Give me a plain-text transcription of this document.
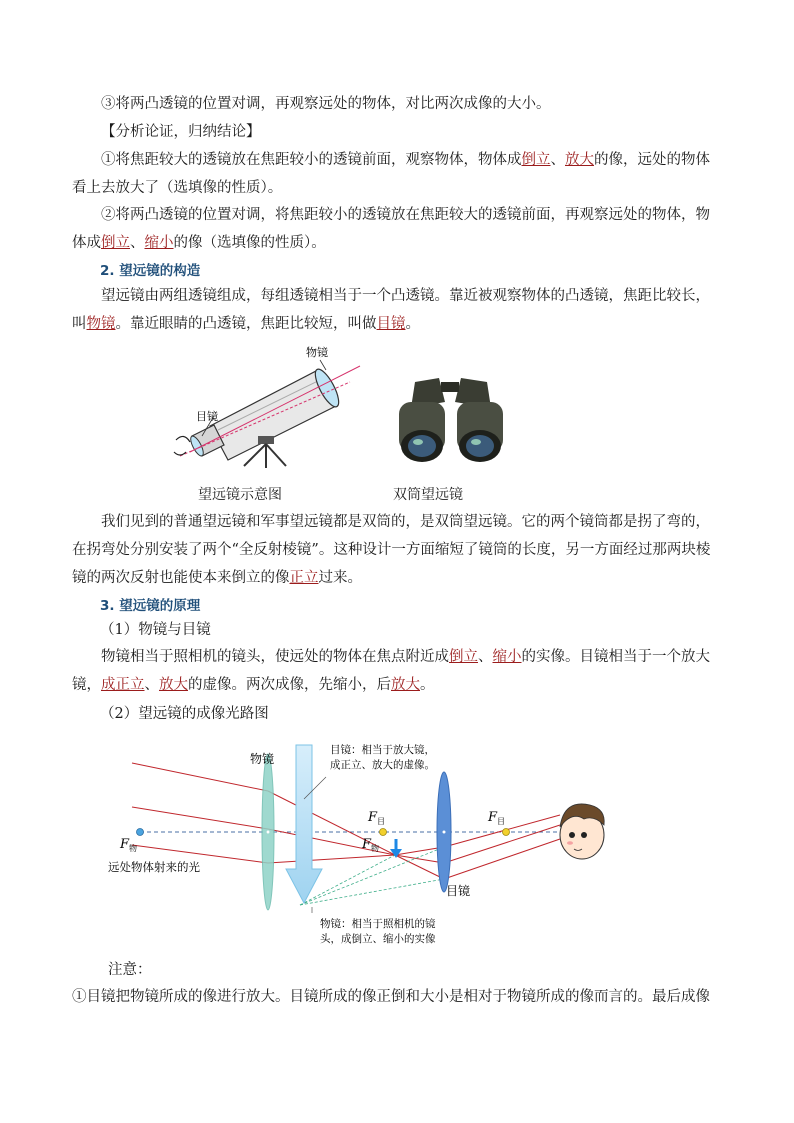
③将两凸透镜的位置对调，再观察远处的物体，对比两次成像的大小。

【分析论证，归纳结论】

①将焦距较大的透镜放在焦距较小的透镜前面，观察物体，物体成倒立、放大的像，远处的物体看上去放大了（选填像的性质）。

②将两凸透镜的位置对调，将焦距较小的透镜放在焦距较大的透镜前面，再观察远处的物体，物体成倒立、缩小的像（选填像的性质）。

2. 望远镜的构造

望远镜由两组透镜组成，每组透镜相当于一个凸透镜。靠近被观察物体的凸透镜，焦距比较长，叫物镜。靠近眼睛的凸透镜，焦距比较短，叫做目镜。

物镜
目镜
望远镜示意图	双筒望远镜

我们见到的普通望远镜和军事望远镜都是双筒的，是双筒望远镜。它的两个镜筒都是拐了弯的，在拐弯处分别安装了两个“全反射棱镜”。这种设计一方面缩短了镜筒的长度，另一方面经过那两块棱镜的两次反射也能使本来倒立的像正立过来。

3. 望远镜的原理

（1）物镜与目镜

物镜相当于照相机的镜头，使远处的物体在焦点附近成倒立、缩小的实像。目镜相当于一个放大镜，成正立、放大的虚像。两次成像，先缩小，后放大。

（2）望远镜的成像光路图

物镜
目镜：相当于放大镜，
成正立、放大的虚像。
$F_目$	$F_目$
$F_物$
$F_物$
远处物体射来的光
目镜
物镜：相当于照相机的镜
头，成倒立、缩小的实像

注意：

①目镜把物镜所成的像进行放大。目镜所成的像正倒和大小是相对于物镜所成的像而言的。最后成像
